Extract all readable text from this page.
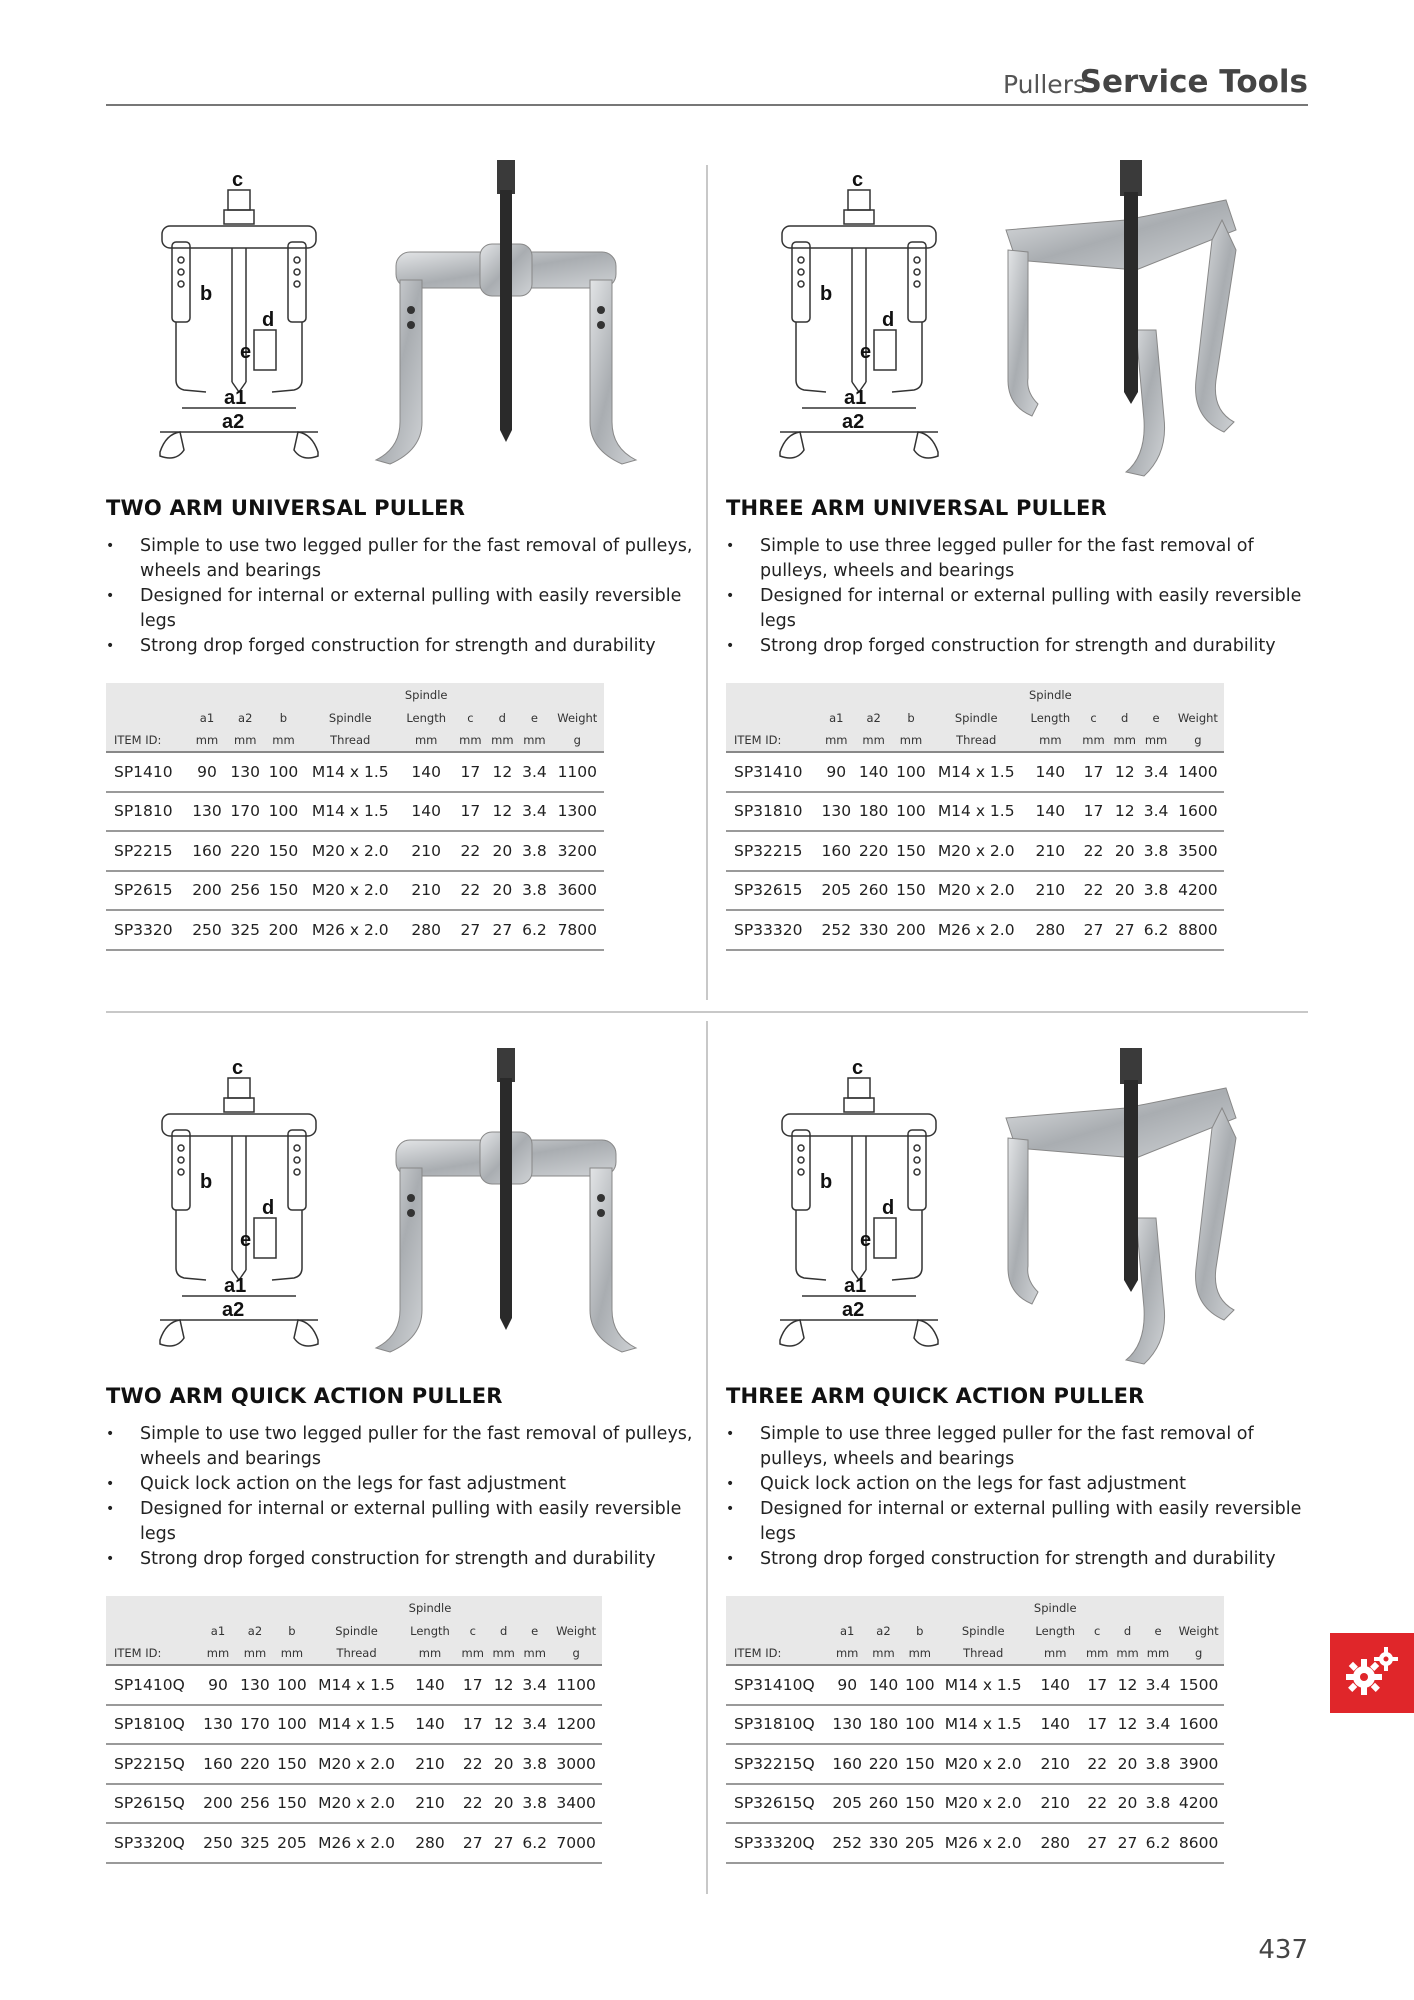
Pullers
Service Tools
c
b
d
e
a1
a2
TWO ARM UNIVERSAL PULLER
• Simple to use two legged puller for the fast removal of pulleys, wheels and bearings
• Designed for internal or external pulling with easily reversible legs
• Strong drop forged construction for strength and durability
					Spindle				
	a1	a2	b	Spindle	Length	c	d	e	Weight
ITEM ID:	mm	mm	mm	Thread	mm	mm	mm	mm	g
SP1410	90	130	100	M14 x 1.5	140	17	12	3.4	1100
SP1810	130	170	100	M14 x 1.5	140	17	12	3.4	1300
SP2215	160	220	150	M20 x 2.0	210	22	20	3.8	3200
SP2615	200	256	150	M20 x 2.0	210	22	20	3.8	3600
SP3320	250	325	200	M26 x 2.0	280	27	27	6.2	7800
c
b
d
e
a1
a2
THREE ARM UNIVERSAL PULLER
• Simple to use three legged puller for the fast removal of pulleys, wheels and bearings
• Designed for internal or external pulling with easily reversible legs
• Strong drop forged construction for strength and durability
					Spindle				
	a1	a2	b	Spindle	Length	c	d	e	Weight
ITEM ID:	mm	mm	mm	Thread	mm	mm	mm	mm	g
SP31410	90	140	100	M14 x 1.5	140	17	12	3.4	1400
SP31810	130	180	100	M14 x 1.5	140	17	12	3.4	1600
SP32215	160	220	150	M20 x 2.0	210	22	20	3.8	3500
SP32615	205	260	150	M20 x 2.0	210	22	20	3.8	4200
SP33320	252	330	200	M26 x 2.0	280	27	27	6.2	8800
c
b
d
e
a1
a2
TWO ARM QUICK ACTION PULLER
• Simple to use two legged puller for the fast removal of pulleys, wheels and bearings
• Quick lock action on the legs for fast adjustment
• Designed for internal or external pulling with easily reversible legs
• Strong drop forged construction for strength and durability
					Spindle				
	a1	a2	b	Spindle	Length	c	d	e	Weight
ITEM ID:	mm	mm	mm	Thread	mm	mm	mm	mm	g
SP1410Q	90	130	100	M14 x 1.5	140	17	12	3.4	1100
SP1810Q	130	170	100	M14 x 1.5	140	17	12	3.4	1200
SP2215Q	160	220	150	M20 x 2.0	210	22	20	3.8	3000
SP2615Q	200	256	150	M20 x 2.0	210	22	20	3.8	3400
SP3320Q	250	325	205	M26 x 2.0	280	27	27	6.2	7000
c
b
d
e
a1
a2
THREE ARM QUICK ACTION PULLER
• Simple to use three legged puller for the fast removal of pulleys, wheels and bearings
• Quick lock action on the legs for fast adjustment
• Designed for internal or external pulling with easily reversible legs
• Strong drop forged construction for strength and durability
					Spindle				
	a1	a2	b	Spindle	Length	c	d	e	Weight
ITEM ID:	mm	mm	mm	Thread	mm	mm	mm	mm	g
SP31410Q	90	140	100	M14 x 1.5	140	17	12	3.4	1500
SP31810Q	130	180	100	M14 x 1.5	140	17	12	3.4	1600
SP32215Q	160	220	150	M20 x 2.0	210	22	20	3.8	3900
SP32615Q	205	260	150	M20 x 2.0	210	22	20	3.8	4200
SP33320Q	252	330	205	M26 x 2.0	280	27	27	6.2	8600
437
